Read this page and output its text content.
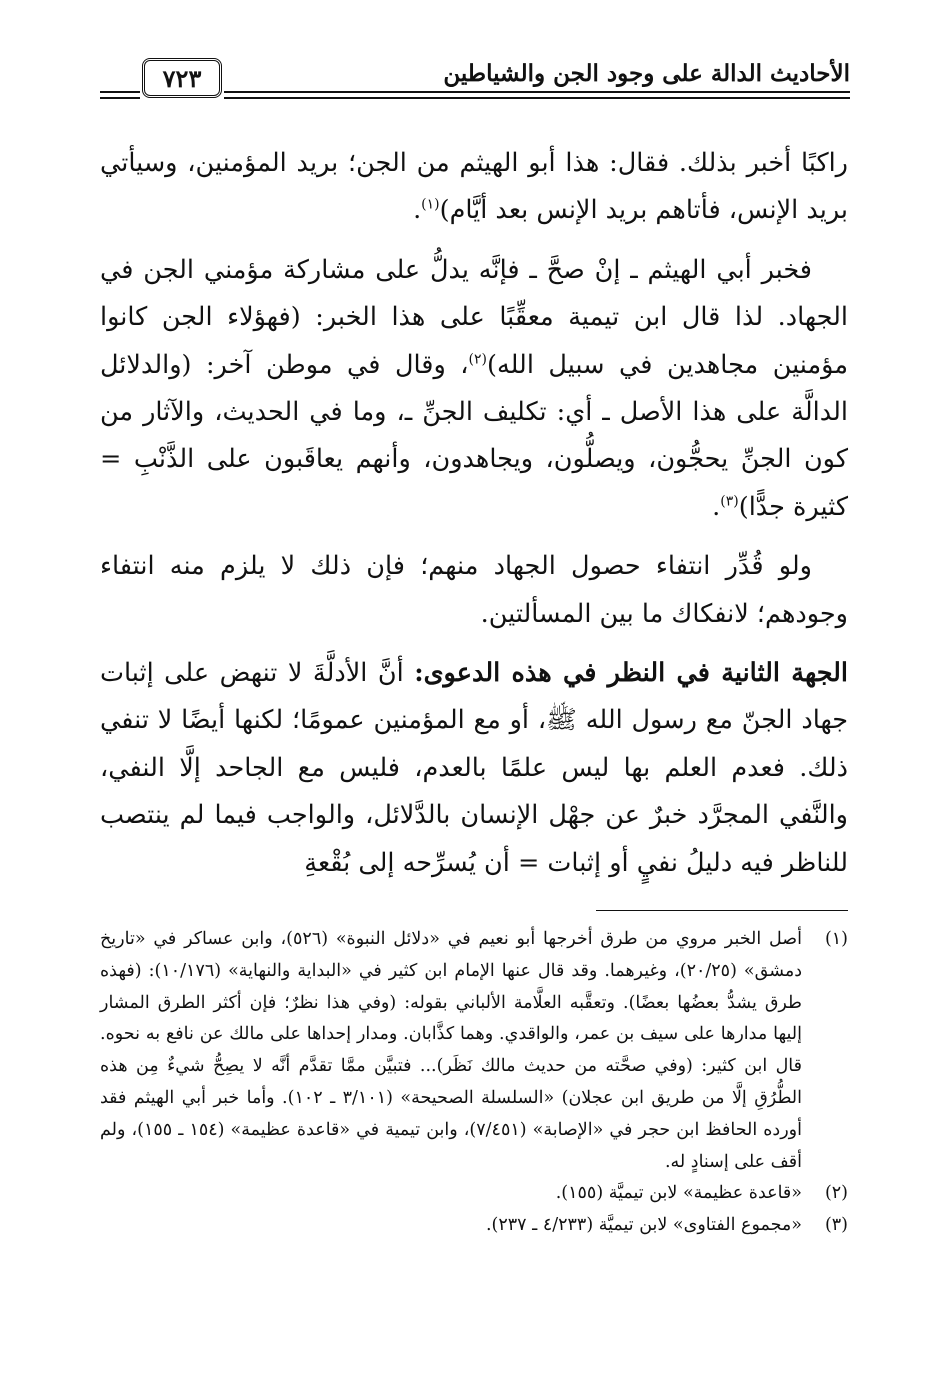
الأحاديث الدالة على وجود الجن والشياطين
٧٢٣

راكبًا أخبر بذلك. فقال: هذا أبو الهيثم من الجن؛ بريد المؤمنين، وسيأتي بريد الإنس، فأتاهم بريد الإنس بعد أيَّام)$^{(١)}$.

فخبر أبي الهيثم ـ إنْ صحَّ ـ فإنَّه يدلُّ على مشاركة مؤمني الجن في الجهاد. لذا قال ابن تيمية معقِّبًا على هذا الخبر: (فهؤلاء الجن كانوا مؤمنين مجاهدين في سبيل الله)$^{(٢)}$، وقال في موطن آخر: (والدلائل الدالَّة على هذا الأصل ـ أي: تكليف الجنِّ ـ، وما في الحديث، والآثار من كون الجنِّ يحجُّون، ويصلُّون، ويجاهدون، وأنهم يعاقَبون على الذَّنْبِ = كثيرة جدًّا)$^{(٣)}$.

ولو قُدِّر انتفاء حصول الجهاد منهم؛ فإن ذلك لا يلزم منه انتفاء وجودهم؛ لانفكاك ما بين المسألتين.

الجهة الثانية في النظر في هذه الدعوى: أنَّ الأدلَّةَ لا تنهض على إثبات جهاد الجنّ مع رسول الله ﷺ، أو مع المؤمنين عمومًا؛ لكنها أيضًا لا تنفي ذلك. فعدم العلم بها ليس علمًا بالعدم، فليس مع الجاحد إلَّا النفي، والنَّفي المجرَّد خبرٌ عن جهْل الإنسان بالدَّلائل، والواجب فيما لم ينتصب للناظر فيه دليلُ نفيٍ أو إثبات = أن يُسرِّحه إلى بُقْعةِ

(١)
أصل الخبر مروي من طرق أخرجها أبو نعيم في «دلائل النبوة» (٥٢٦)، وابن عساكر في «تاريخ دمشق» (٢٠/٢٥)، وغيرهما. وقد قال عنها الإمام ابن كثير في «البداية والنهاية» (١٠/١٧٦): (فهذه طرق يشدُّ بعضُها بعضًا). وتعقَّبه العلَّامة الألباني بقوله: (وفي هذا نظرٌ؛ فإن أكثر الطرق المشار إليها مدارها على سيف بن عمر، والواقدي. وهما كذَّابان. ومدار إحداها على مالك عن نافع به نحوه. قال ابن كثير: (وفي صحَّته من حديث مالك نَظَر)... فتبيَّن ممَّا تقدَّم أنَّه لا يصِحُّ شيءٌ مِن هذه الطُّرُقِ إلَّا من طريق ابن عجلان) «السلسلة الصحيحة» (٣/١٠١ ـ ١٠٢). وأما خبر أبي الهيثم فقد أورده الحافظ ابن حجر في «الإصابة» (٧/٤٥١)، وابن تيمية في «قاعدة عظيمة» (١٥٤ ـ ١٥٥)، ولم أقف على إسنادٍ له.
(٢)
«قاعدة عظيمة» لابن تيميَّة (١٥٥).
(٣)
«مجموع الفتاوى» لابن تيميَّة (٤/٢٣٣ ـ ٢٣٧).
